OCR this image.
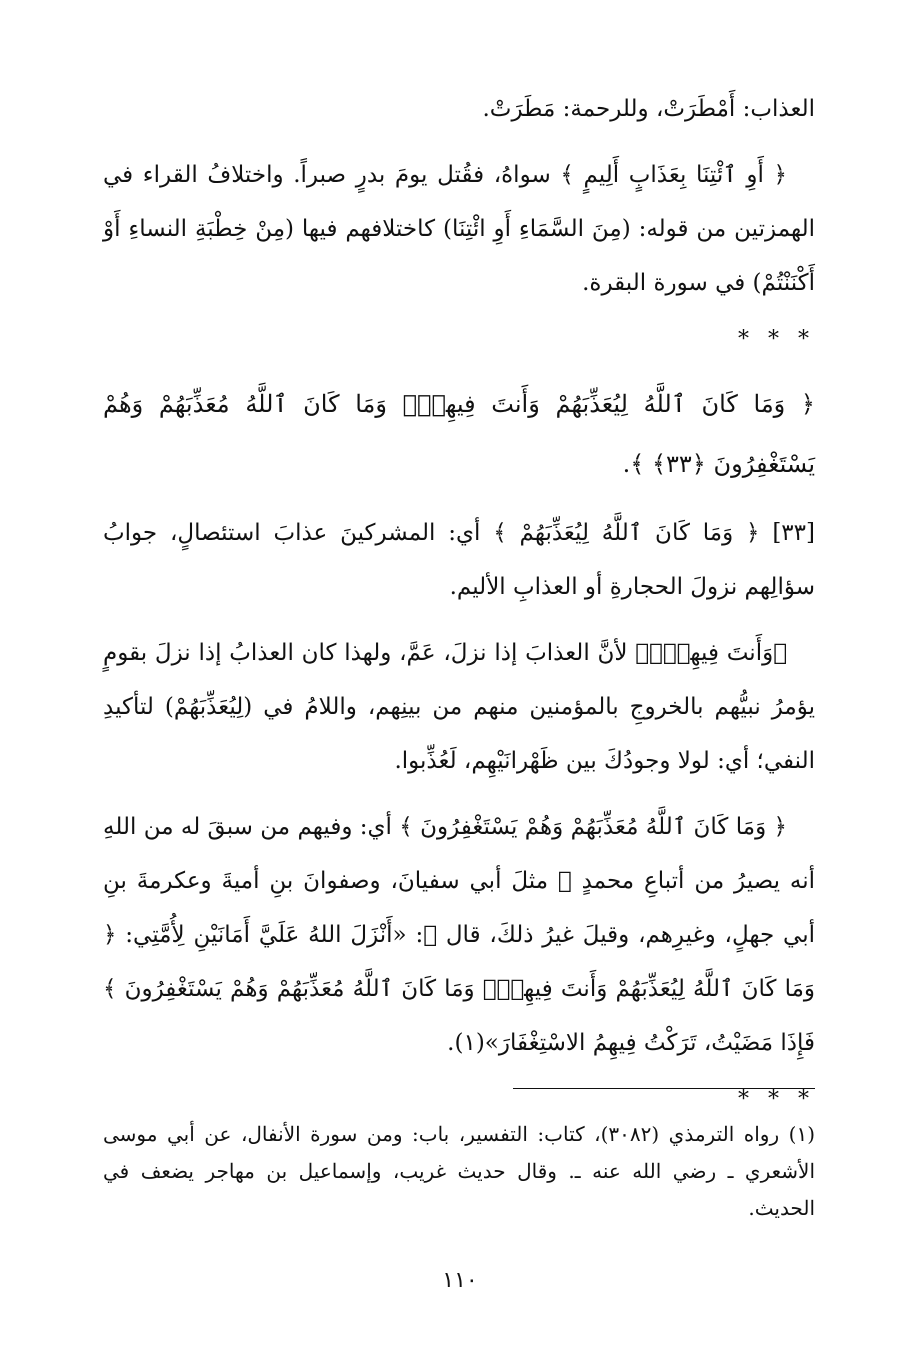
العذاب: أَمْطَرَتْ، وللرحمة: مَطَرَتْ.

﴿ أَوِ ٱئْتِنَا بِعَذَابٍ أَلِيمٍ ﴾ سواهُ، فقُتل يومَ بدرٍ صبراً. واختلافُ القراء في الهمزتين من قوله: (مِنَ السَّمَاءِ أَوِ ائْتِنَا) كاختلافهم فيها (مِنْ خِطْبَةِ النساءِ أَوْ أَكْنَنْتُمْ) في سورة البقرة.

* * *

﴿ وَمَا كَانَ ٱللَّهُ لِيُعَذِّبَهُمْ وَأَنتَ فِيهِمْۚ وَمَا كَانَ ٱللَّهُ مُعَذِّبَهُمْ وَهُمْ يَسْتَغْفِرُونَ ﴿٣٣﴾ ﴾.

[٣٣] ﴿ وَمَا كَانَ ٱللَّهُ لِيُعَذِّبَهُمْ ﴾ أي: المشركينَ عذابَ استئصالٍ، جوابُ سؤالِهم نزولَ الحجارةِ أو العذابِ الأليم.

﴿وَأَنتَ فِيهِمْۚ﴾ لأنَّ العذابَ إذا نزلَ، عَمَّ، ولهذا كان العذابُ إذا نزلَ بقومٍ يؤمرُ نبيُّهم بالخروجِ بالمؤمنين منهم من بينِهم، واللامُ في (لِيُعَذِّبَهُمْ) لتأكيدِ النفي؛ أي: لولا وجودُكَ بين ظَهْرانَيْهِم، لَعُذِّبوا.

﴿ وَمَا كَانَ ٱللَّهُ مُعَذِّبَهُمْ وَهُمْ يَسْتَغْفِرُونَ ﴾ أي: وفيهم من سبقَ له من اللهِ أنه يصيرُ من أتباعِ محمدٍ ﷺ مثلَ أبي سفيانَ، وصفوانَ بنِ أميةَ وعكرمةَ بنِ أبي جهلٍ، وغيرِهم، وقيلَ غيرُ ذلكَ، قال ﷺ: «أَنْزَلَ اللهُ عَلَيَّ أَمَانَيْنِ لِأُمَّتِي: ﴿ وَمَا كَانَ ٱللَّهُ لِيُعَذِّبَهُمْ وَأَنتَ فِيهِمْۚ وَمَا كَانَ ٱللَّهُ مُعَذِّبَهُمْ وَهُمْ يَسْتَغْفِرُونَ ﴾ فَإِذَا مَضَيْتُ، تَرَكْتُ فِيهِمُ الاسْتِغْفَارَ»(١).

* * *
(١) رواه الترمذي (٣٠٨٢)، كتاب: التفسير، باب: ومن سورة الأنفال، عن أبي موسى الأشعري ـ رضي الله عنه ـ. وقال حديث غريب، وإسماعيل بن مهاجر يضعف في الحديث.
١١٠
